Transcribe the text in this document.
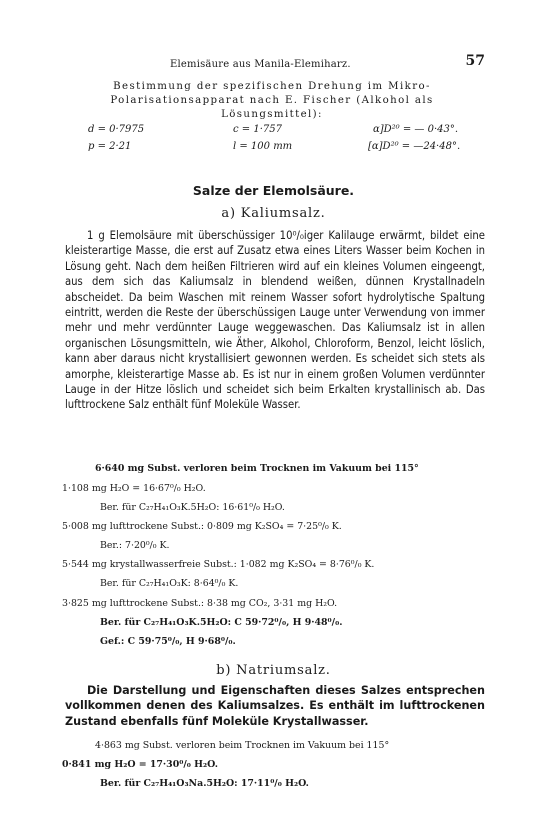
Elemisäure aus Manila-Elemiharz.	57
Bestimmung der spezifischen Drehung im Mikro-Polarisationsapparat nach E. Fischer (Alkohol als Lösungsmittel):
d = 0·7975	c = 1·757	α]D²⁰ = — 0·43°.
p = 2·21	l = 100 mm	[α]D²⁰ = —24·48°.
Salze der Elemolsäure.
a) Kaliumsalz.
1 g Elemolsäure mit überschüssiger 10⁰/₀iger Kalilauge erwärmt, bildet eine kleisterartige Masse, die erst auf Zusatz etwa eines Liters Wasser beim Kochen in Lösung geht. Nach dem heißen Filtrieren wird auf ein kleines Volumen eingeengt, aus dem sich das Kaliumsalz in blendend weißen, dünnen Krystallnadeln abscheidet. Da beim Waschen mit reinem Wasser sofort hydrolytische Spaltung eintritt, werden die Reste der überschüssigen Lauge unter Verwendung von immer mehr und mehr verdünnter Lauge weggewaschen. Das Kaliumsalz ist in allen organischen Lösungsmitteln, wie Äther, Alkohol, Chloroform, Benzol, leicht löslich, kann aber daraus nicht krystallisiert gewonnen werden. Es scheidet sich stets als amorphe, kleisterartige Masse ab. Es ist nur in einem großen Volumen verdünnter Lauge in der Hitze löslich und scheidet sich beim Erkalten krystallinisch ab. Das lufttrockene Salz enthält fünf Moleküle Wasser.
6·640 mg Subst. verloren beim Trocknen im Vakuum bei 115°
1·108 mg H₂O = 16·67⁰/₀ H₂O.
Ber. für C₂₇H₄₁O₃K.5H₂O: 16·61⁰/₀ H₂O.
5·008 mg lufttrockene Subst.: 0·809 mg K₂SO₄ = 7·25⁰/₀ K.
Ber.: 7·20⁰/₀ K.
5·544 mg krystallwasserfreie Subst.: 1·082 mg K₂SO₄ = 8·76⁰/₀ K.
Ber. für C₂₇H₄₁O₃K: 8·64⁰/₀ K.
3·825 mg lufttrockene Subst.: 8·38 mg CO₂, 3·31 mg H₂O.
Ber. für C₂₇H₄₁O₃K.5H₂O: C 59·72⁰/₀, H 9·48⁰/₀.
Gef.: C 59·75⁰/₀, H 9·68⁰/₀.
b) Natriumsalz.
Die Darstellung und Eigenschaften dieses Salzes entsprechen vollkommen denen des Kaliumsalzes. Es enthält im lufttrockenen Zustand ebenfalls fünf Moleküle Krystallwasser.
4·863 mg Subst. verloren beim Trocknen im Vakuum bei 115°
0·841 mg H₂O = 17·30⁰/₀ H₂O.
Ber. für C₂₇H₄₁O₃Na.5H₂O: 17·11⁰/₀ H₂O.
